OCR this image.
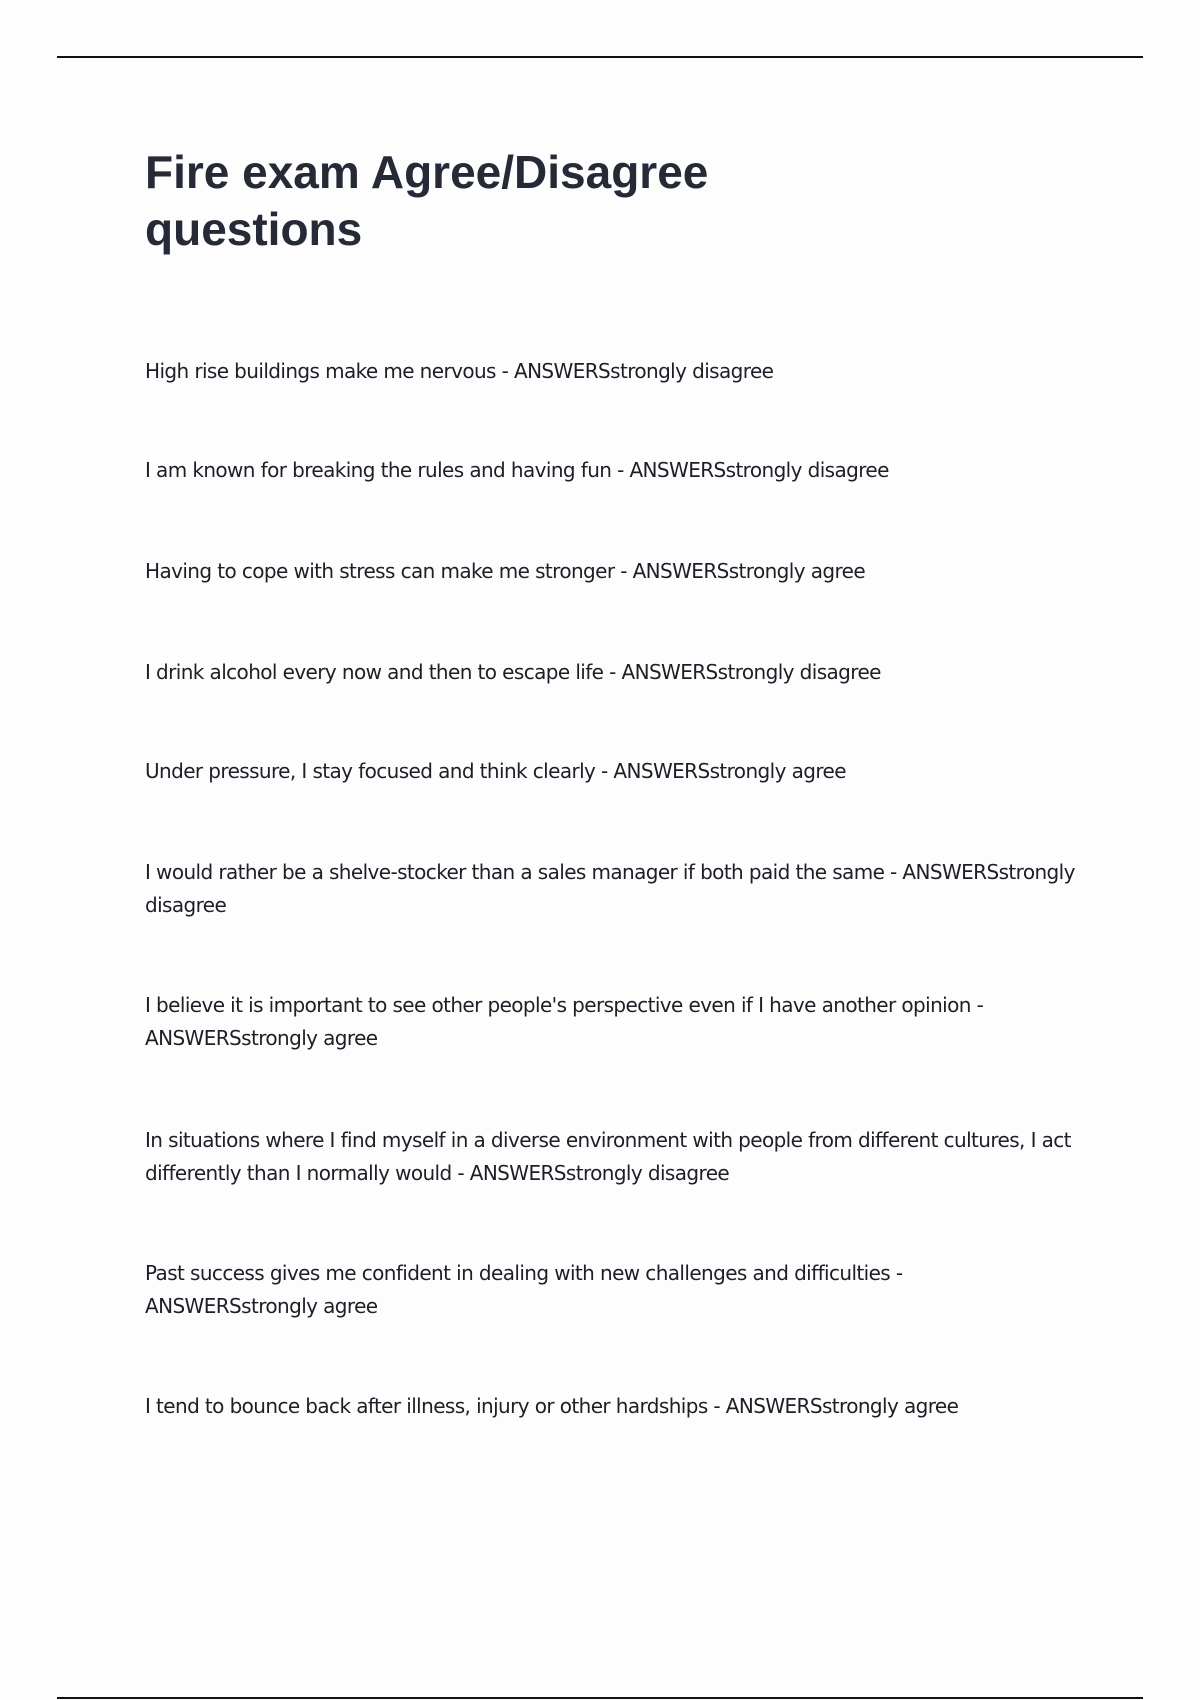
Fire exam Agree/Disagree questions

High rise buildings make me nervous - ANSWERSstrongly disagree

I am known for breaking the rules and having fun - ANSWERSstrongly disagree

Having to cope with stress can make me stronger - ANSWERSstrongly agree

I drink alcohol every now and then to escape life - ANSWERSstrongly disagree

Under pressure, I stay focused and think clearly - ANSWERSstrongly agree

I would rather be a shelve-stocker than a sales manager if both paid the same - ANSWERSstrongly disagree

I believe it is important to see other people's perspective even if I have another opinion - ANSWERSstrongly agree

In situations where I find myself in a diverse environment with people from different cultures, I act differently than I normally would - ANSWERSstrongly disagree

Past success gives me confident in dealing with new challenges and difficulties - ANSWERSstrongly agree

I tend to bounce back after illness, injury or other hardships - ANSWERSstrongly agree
